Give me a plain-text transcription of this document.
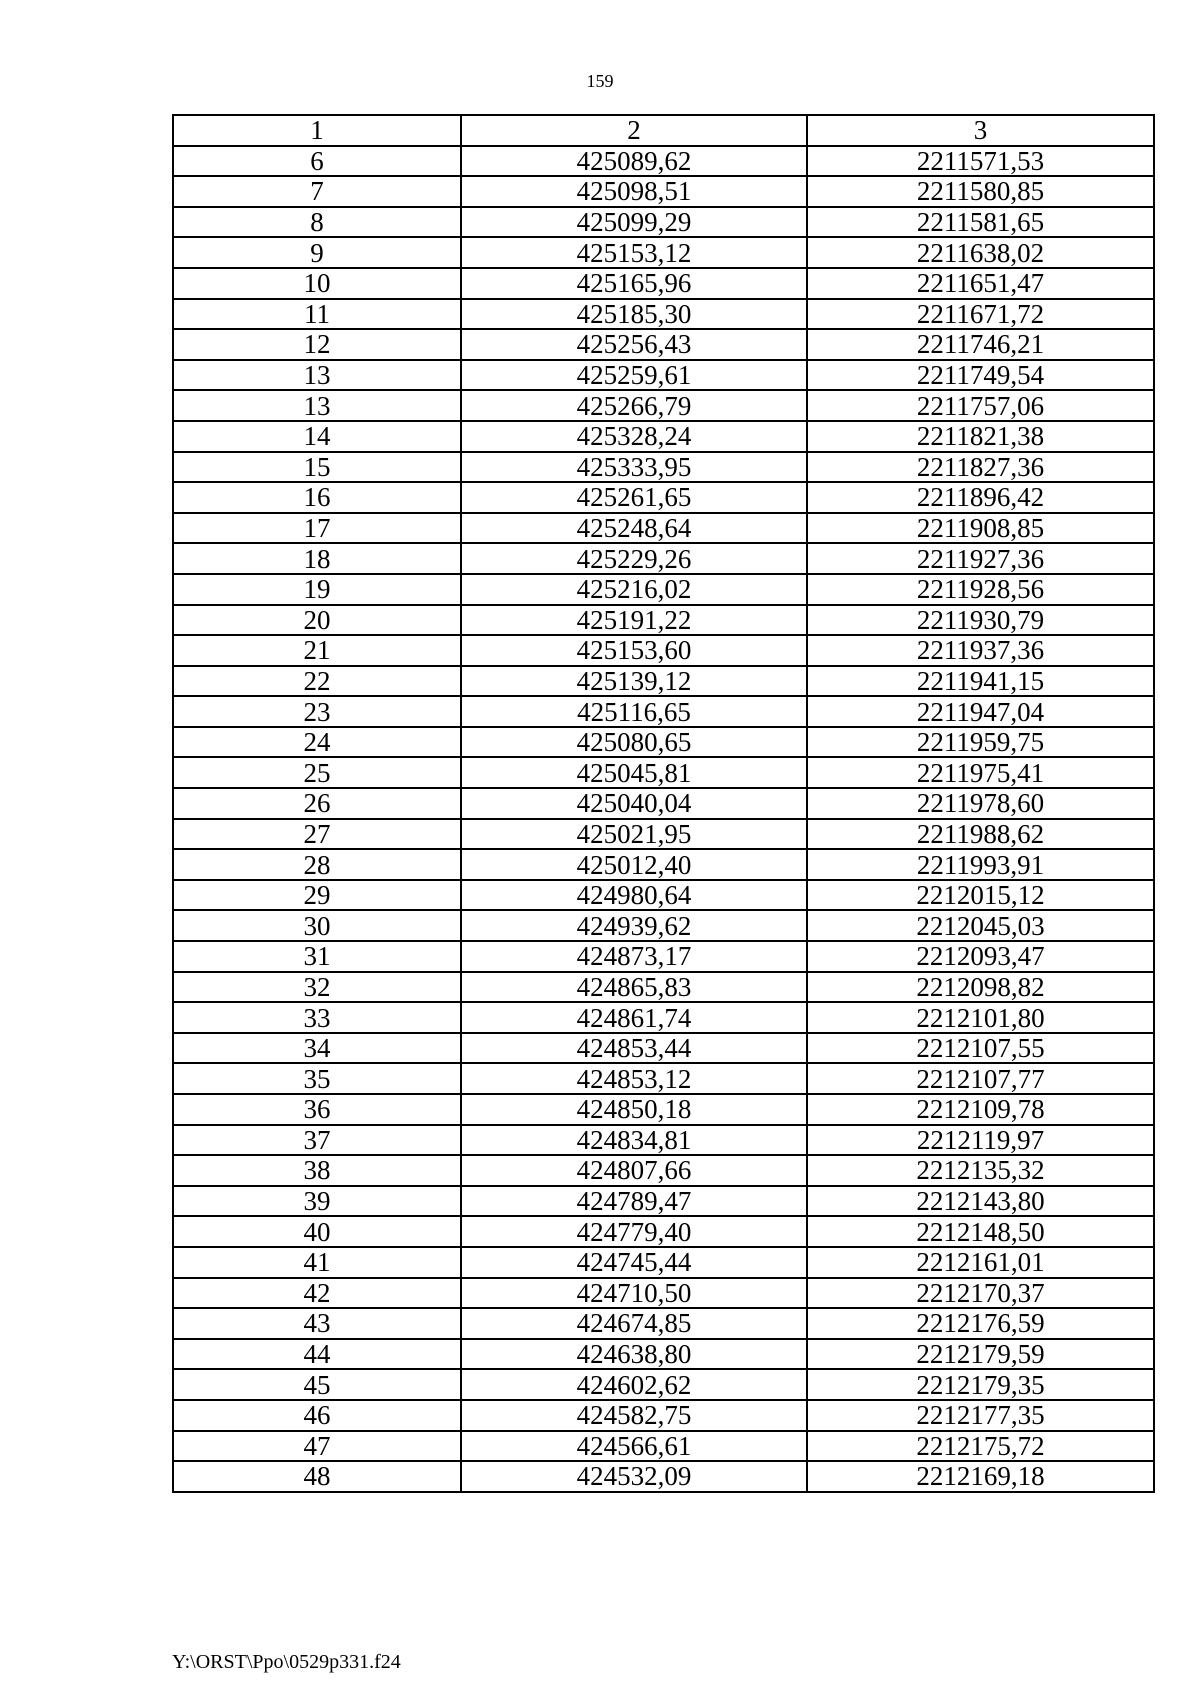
159
1	2	3
6	425089,62	2211571,53
7	425098,51	2211580,85
8	425099,29	2211581,65
9	425153,12	2211638,02
10	425165,96	2211651,47
11	425185,30	2211671,72
12	425256,43	2211746,21
13	425259,61	2211749,54
13	425266,79	2211757,06
14	425328,24	2211821,38
15	425333,95	2211827,36
16	425261,65	2211896,42
17	425248,64	2211908,85
18	425229,26	2211927,36
19	425216,02	2211928,56
20	425191,22	2211930,79
21	425153,60	2211937,36
22	425139,12	2211941,15
23	425116,65	2211947,04
24	425080,65	2211959,75
25	425045,81	2211975,41
26	425040,04	2211978,60
27	425021,95	2211988,62
28	425012,40	2211993,91
29	424980,64	2212015,12
30	424939,62	2212045,03
31	424873,17	2212093,47
32	424865,83	2212098,82
33	424861,74	2212101,80
34	424853,44	2212107,55
35	424853,12	2212107,77
36	424850,18	2212109,78
37	424834,81	2212119,97
38	424807,66	2212135,32
39	424789,47	2212143,80
40	424779,40	2212148,50
41	424745,44	2212161,01
42	424710,50	2212170,37
43	424674,85	2212176,59
44	424638,80	2212179,59
45	424602,62	2212179,35
46	424582,75	2212177,35
47	424566,61	2212175,72
48	424532,09	2212169,18
Y:\ORST\Ppo\0529p331.f24
